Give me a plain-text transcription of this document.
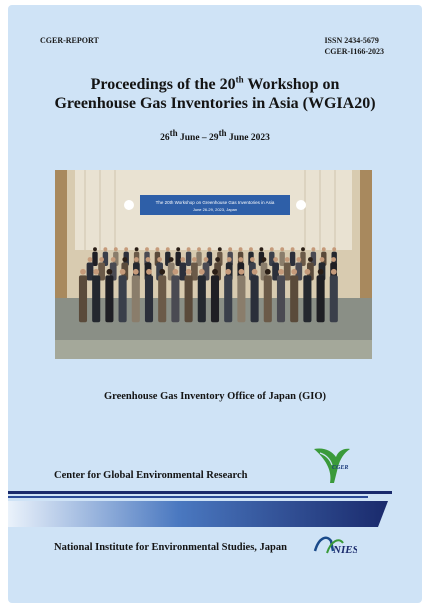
CGER-REPORT	ISSN 2434-5679
CGER-I166-2023
Proceedings of the 20th Workshop on
Greenhouse Gas Inventories in Asia (WGIA20)
26th June – 29th June 2023
The 20th Workshop on Greenhouse Gas Inventories in Asia
June 26-29, 2023, Japan
Greenhouse Gas Inventory Office of Japan (GIO)
Center for Global Environmental Research
CGER
National Institute for Environmental Studies, Japan	NIES
